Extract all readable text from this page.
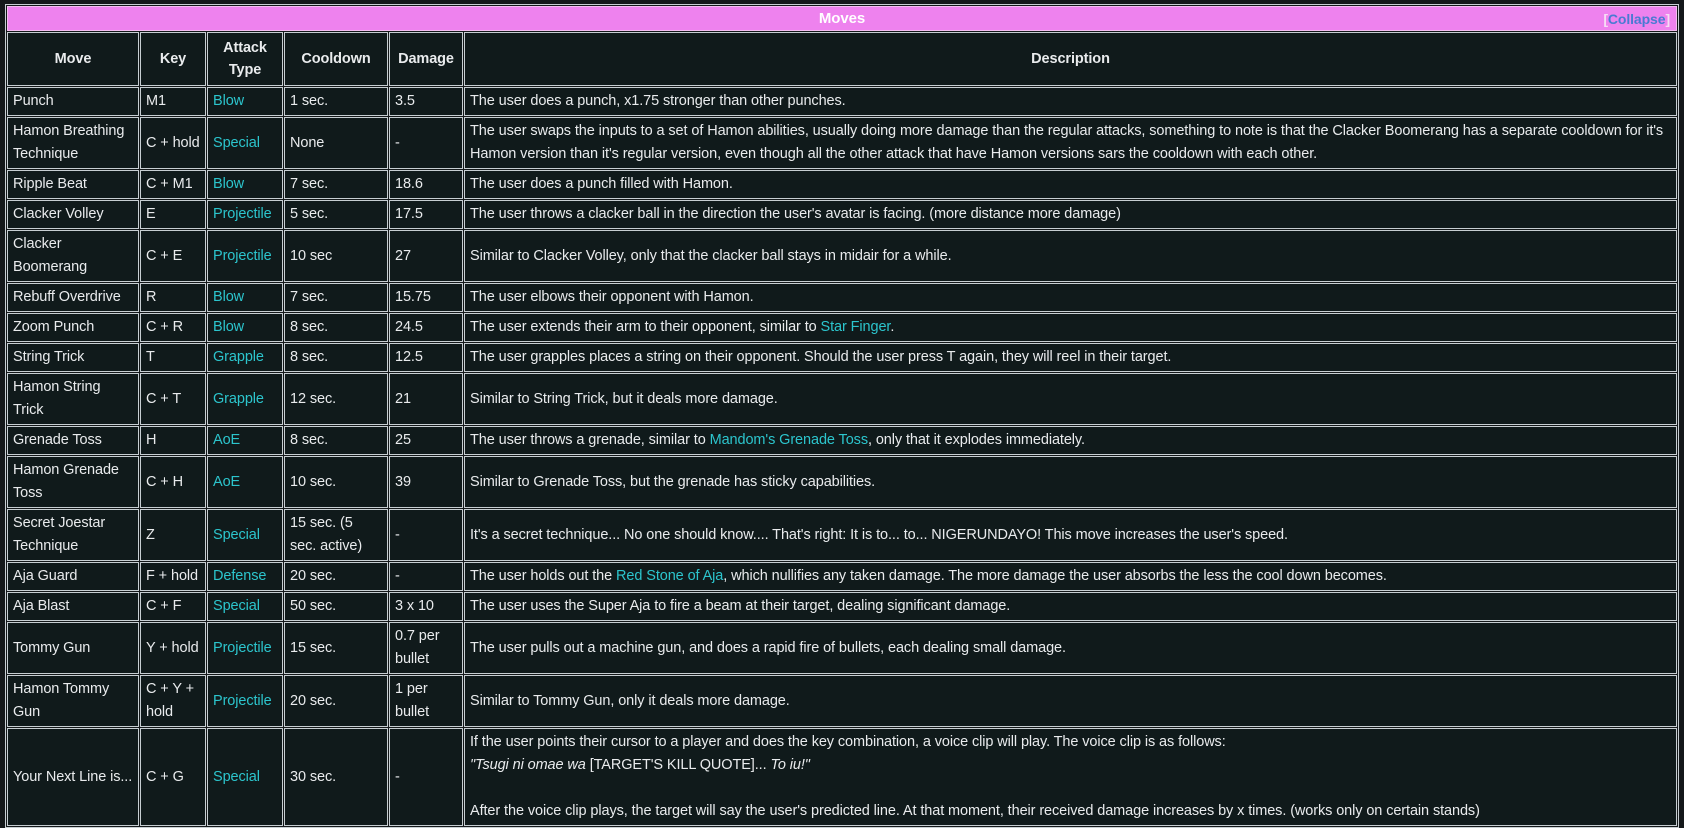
Moves [Collapse]					

Move	Key	Attack Type	Cooldown	Damage	Description
Punch	M1	Blow	1 sec.	3.5	The user does a punch, x1.75 stronger than other punches.

Hamon Breathing Technique	C + hold	Special	None	-	The user swaps the inputs to a set of Hamon abilities, usually doing more damage than the regular attacks, something to note is that the Clacker Boomerang has a separate cooldown for it's Hamon version than it's regular version, even though all the other attack that have Hamon versions sars the cooldown with each other.

Ripple Beat	C + M1	Blow	7 sec.	18.6	The user does a punch filled with Hamon.

Clacker Volley	E	Projectile	5 sec.	17.5	The user throws a clacker ball in the direction the user's avatar is facing. (more distance more damage)

Clacker Boomerang	C + E	Projectile	10 sec	27	Similar to Clacker Volley, only that the clacker ball stays in midair for a while.

Rebuff Overdrive	R	Blow	7 sec.	15.75	The user elbows their opponent with Hamon.

Zoom Punch	C + R	Blow	8 sec.	24.5	The user extends their arm to their opponent, similar to Star Finger.

String Trick	T	Grapple	8 sec.	12.5	The user grapples places a string on their opponent. Should the user press T again, they will reel in their target.

Hamon String Trick	C + T	Grapple	12 sec.	21	Similar to String Trick, but it deals more damage.

Grenade Toss	H	AoE	8 sec.	25	The user throws a grenade, similar to Mandom's Grenade Toss, only that it explodes immediately.

Hamon Grenade Toss	C + H	AoE	10 sec.	39	Similar to Grenade Toss, but the grenade has sticky capabilities.

Secret Joestar Technique	Z	Special	15 sec. (5 sec. active)	-	It's a secret technique... No one should know.... That's right: It is to... to... NIGERUNDAYO! This move increases the user's speed.

Aja Guard	F + hold	Defense	20 sec.	-	The user holds out the Red Stone of Aja, which nullifies any taken damage. The more damage the user absorbs the less the cool down becomes.

Aja Blast	C + F	Special	50 sec.	3 x 10	The user uses the Super Aja to fire a beam at their target, dealing significant damage.

Tommy Gun	Y + hold	Projectile	15 sec.	0.7 per bullet	The user pulls out a machine gun, and does a rapid fire of bullets, each dealing small damage.

Hamon Tommy Gun	C + Y + hold	Projectile	20 sec.	1 per bullet	Similar to Tommy Gun, only it deals more damage.

Your Next Line is...	C + G	Special	30 sec.	-	If the user points their cursor to a player and does the key combination, a voice clip will play. The voice clip is as follows:
"Tsugi ni omae wa [TARGET'S KILL QUOTE]... To iu!"

After the voice clip plays, the target will say the user's predicted line. At that moment, their received damage increases by x times. (works only on certain stands)
